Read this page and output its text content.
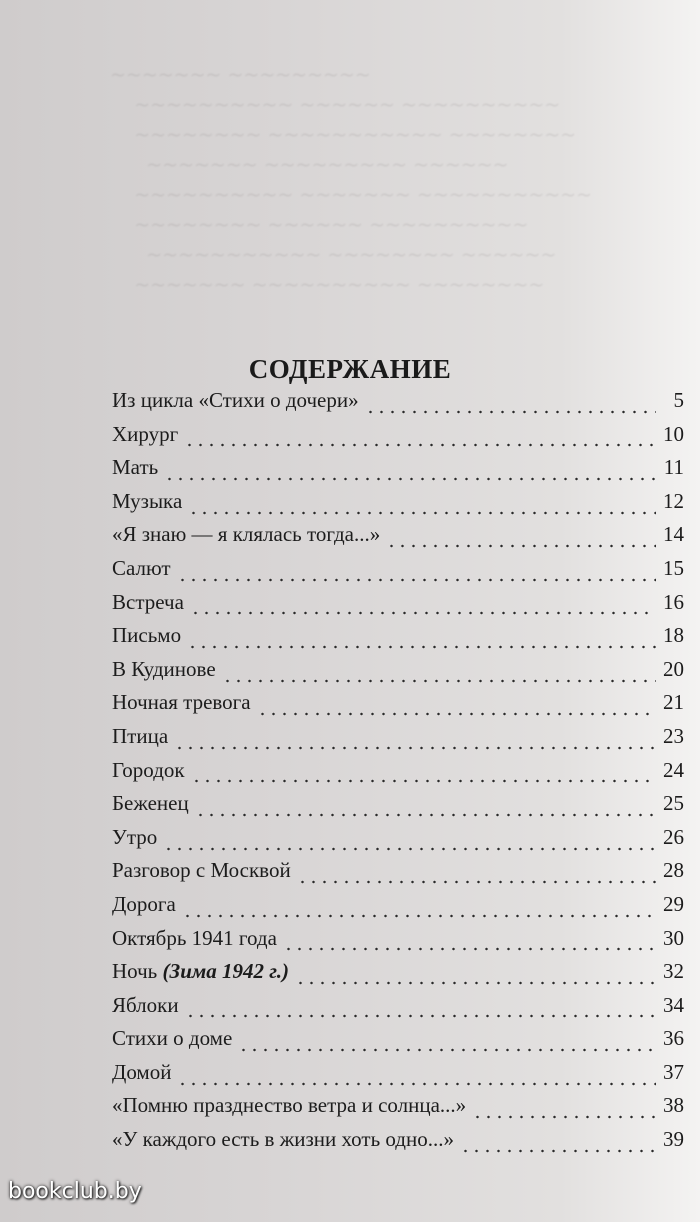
~~~~~~~ ~~~~~~~~~
~~~~~~~~~~ ~~~~~~ ~~~~~~~~~~
~~~~~~~~ ~~~~~~~~~~~ ~~~~~~~~
~~~~~~~ ~~~~~~~~~ ~~~~~~
~~~~~~~~~~ ~~~~~~~ ~~~~~~~~~~~
~~~~~~~~ ~~~~~~ ~~~~~~~~~~
~~~~~~~~~~~ ~~~~~~~~ ~~~~~~
~~~~~~~ ~~~~~~~~~~ ~~~~~~~~
СОДЕРЖАНИЕ
Из цикла «Стихи о дочери»	5
Хирург	10
Мать	11
Музыка	12
«Я знаю — я клялась тогда...»	14
Салют	15
Встреча	16
Письмо	18
В Кудинове	20
Ночная тревога	21
Птица	23
Городок	24
Беженец	25
Утро	26
Разговор с Москвой	28
Дорога	29
Октябрь 1941 года	30
Ночь (Зима 1942 г.)	32
Яблоки	34
Стихи о доме	36
Домой	37
«Помню празднество ветра и солнца...»	38
«У каждого есть в жизни хоть одно...»	39
bookclub.by
